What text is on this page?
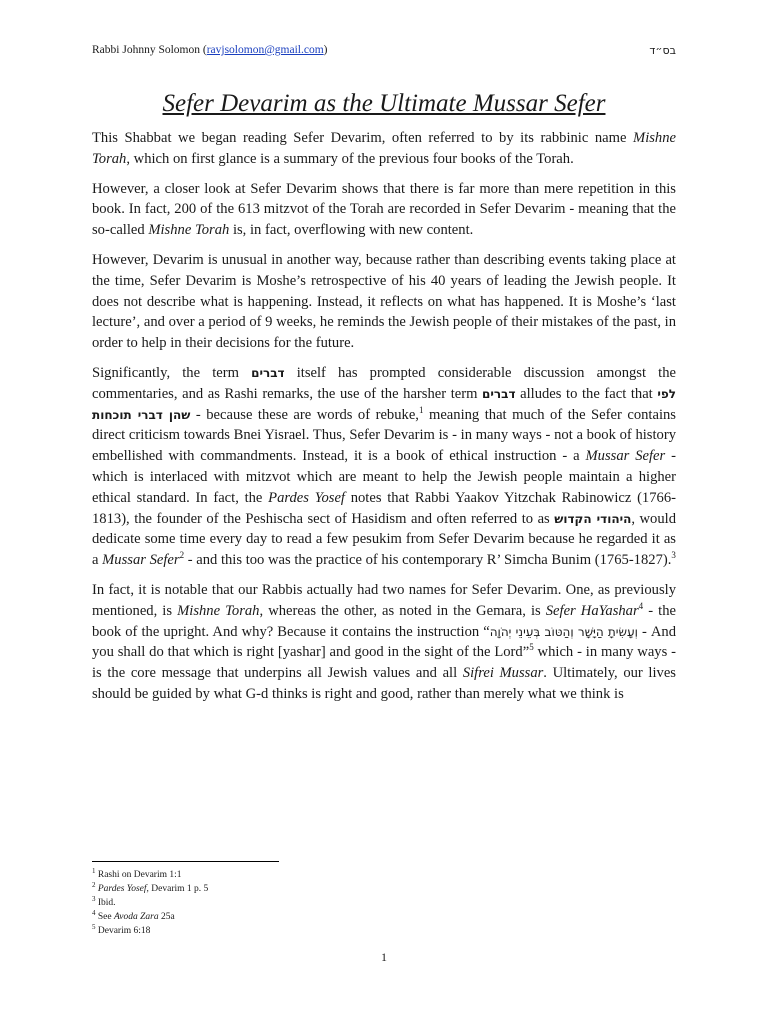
Rabbi Johnny Solomon (ravjsolomon@gmail.com)	בס״ד
Sefer Devarim as the Ultimate Mussar Sefer

This Shabbat we began reading Sefer Devarim, often referred to by its rabbinic name Mishne Torah, which on first glance is a summary of the previous four books of the Torah.

However, a closer look at Sefer Devarim shows that there is far more than mere repetition in this book. In fact, 200 of the 613 mitzvot of the Torah are recorded in Sefer Devarim - meaning that the so-called Mishne Torah is, in fact, overflowing with new content.

However, Devarim is unusual in another way, because rather than describing events taking place at the time, Sefer Devarim is Moshe’s retrospective of his 40 years of leading the Jewish people. It does not describe what is happening. Instead, it reflects on what has happened. It is Moshe’s ‘last lecture’, and over a period of 9 weeks, he reminds the Jewish people of their mistakes of the past, in order to help in their decisions for the future.

Significantly, the term דברים itself has prompted considerable discussion amongst the commentaries, and as Rashi remarks, the use of the harsher term דברים alludes to the fact that לפי שהן דברי תוכחות - because these are words of rebuke,$^1$ meaning that much of the Sefer contains direct criticism towards Bnei Yisrael. Thus, Sefer Devarim is - in many ways - not a book of history embellished with commandments. Instead, it is a book of ethical instruction - a Mussar Sefer - which is interlaced with mitzvot which are meant to help the Jewish people maintain a higher ethical standard. In fact, the Pardes Yosef notes that Rabbi Yaakov Yitzchak Rabinowicz (1766-1813), the founder of the Peshischa sect of Hasidism and often referred to as היהודי הקדוש, would dedicate some time every day to read a few pesukim from Sefer Devarim because he regarded it as a Mussar Sefer$^2$ - and this too was the practice of his contemporary R’ Simcha Bunim (1765-1827).$^3$

In fact, it is notable that our Rabbis actually had two names for Sefer Devarim. One, as previously mentioned, is Mishne Torah, whereas the other, as noted in the Gemara, is Sefer HaYashar$^4$ - the book of the upright. And why? Because it contains the instruction “וְעָשִׂיתָ הַיָּשָׁר וְהַטּוֹב בְּעֵינֵי יְהֹוָה - And you shall do that which is right [yashar] and good in the sight of the Lord”$^5$ which - in many ways - is the core message that underpins all Jewish values and all Sifrei Mussar. Ultimately, our lives should be guided by what G-d thinks is right and good, rather than merely what we think is

$^1$ Rashi on Devarim 1:1
$^2$ Pardes Yosef, Devarim 1 p. 5
$^3$ Ibid.
$^4$ See Avoda Zara 25a
$^5$ Devarim 6:18
1
